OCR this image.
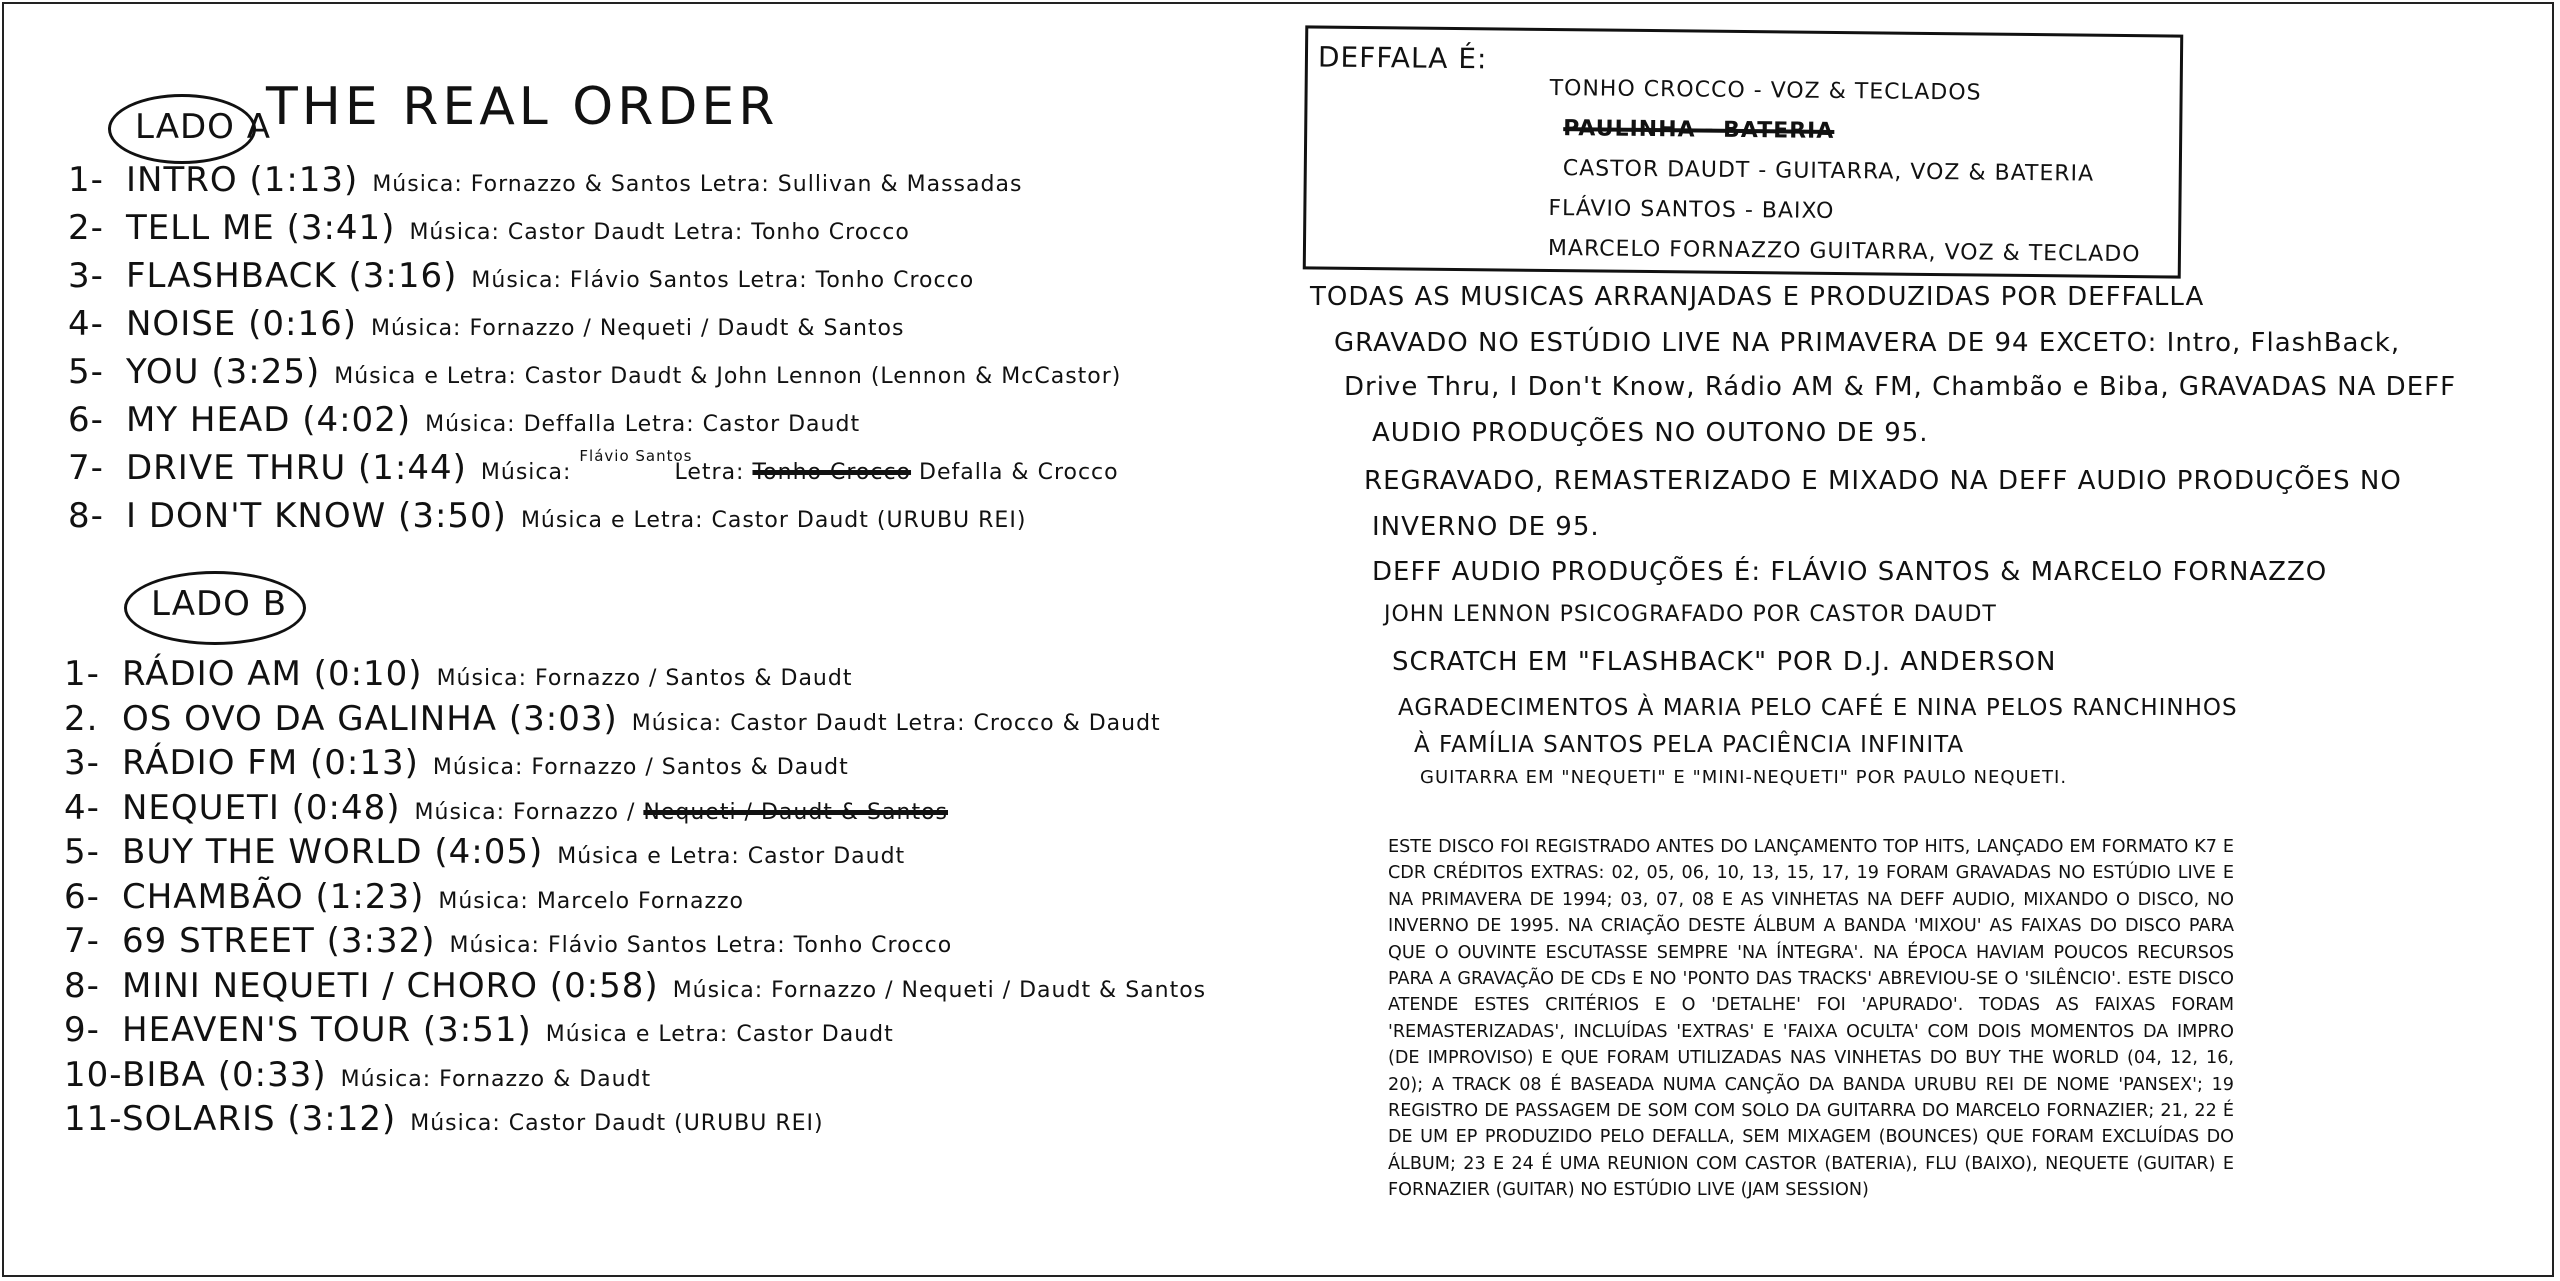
THE REAL ORDER
LADO A
1- INTRO (1:13) Música: Fornazzo & Santos Letra: Sullivan & Massadas
2- TELL ME (3:41) Música: Castor Daudt Letra: Tonho Crocco
3- FLASHBACK (3:16) Música: Flávio Santos Letra: Tonho Crocco
4- NOISE (0:16) Música: Fornazzo / Nequeti / Daudt & Santos
5- YOU (3:25) Música e Letra: Castor Daudt & John Lennon (Lennon & McCastor)
6- MY HEAD (4:02) Música: Deffalla Letra: Castor Daudt
7- DRIVE THRU (1:44) Música: $^{Flávio Santos}$ Letra: Tonho Crocco Defalla & Crocco
8- I DON'T KNOW (3:50) Música e Letra: Castor Daudt (URUBU REI)
LADO B
1- RÁDIO AM (0:10) Música: Fornazzo / Santos & Daudt
2. OS OVO DA GALINHA (3:03) Música: Castor Daudt Letra: Crocco & Daudt
3- RÁDIO FM (0:13) Música: Fornazzo / Santos & Daudt
4- NEQUETI (0:48) Música: Fornazzo / Nequeti / Daudt & Santos
5- BUY THE WORLD (4:05) Música e Letra: Castor Daudt
6- CHAMBÃO (1:23) Música: Marcelo Fornazzo
7- 69 STREET (3:32) Música: Flávio Santos Letra: Tonho Crocco
8- MINI NEQUETI / CHORO (0:58) Música: Fornazzo / Nequeti / Daudt & Santos
9- HEAVEN'S TOUR (3:51) Música e Letra: Castor Daudt
10- BIBA (0:33) Música: Fornazzo & Daudt
11- SOLARIS (3:12) Música: Castor Daudt (URUBU REI)
DEFFALA É:
TONHO CROCCO - VOZ & TECLADOS
PAULINHA - BATERIA
CASTOR DAUDT - GUITARRA, VOZ & BATERIA
FLÁVIO SANTOS - BAIXO
MARCELO FORNAZZO GUITARRA, VOZ & TECLADO
TODAS AS MUSICAS ARRANJADAS E PRODUZIDAS POR DEFFALLA
GRAVADO NO ESTÚDIO LIVE NA PRIMAVERA DE 94 EXCETO: Intro, FlashBack,
Drive Thru, I Don't Know, Rádio AM & FM, Chambão e Biba, GRAVADAS NA DEFF
AUDIO PRODUÇÕES NO OUTONO DE 95.
REGRAVADO, REMASTERIZADO E MIXADO NA DEFF AUDIO PRODUÇÕES NO
INVERNO DE 95.
DEFF AUDIO PRODUÇÕES É: FLÁVIO SANTOS & MARCELO FORNAZZO
JOHN LENNON PSICOGRAFADO POR CASTOR DAUDT
SCRATCH EM "FLASHBACK" POR D.J. ANDERSON
AGRADECIMENTOS À MARIA PELO CAFÉ E NINA PELOS RANCHINHOS
À FAMÍLIA SANTOS PELA PACIÊNCIA INFINITA
GUITARRA EM "NEQUETI" E "MINI-NEQUETI" POR PAULO NEQUETI.

ESTE DISCO FOI REGISTRADO ANTES DO LANÇAMENTO TOP HITS, LANÇADO EM FORMATO K7 E CDR CRÉDITOS EXTRAS: 02, 05, 06, 10, 13, 15, 17, 19 FORAM GRAVADAS NO ESTÚDIO LIVE E NA PRIMAVERA DE 1994; 03, 07, 08 E AS VINHETAS NA DEFF AUDIO, MIXANDO O DISCO, NO INVERNO DE 1995. NA CRIAÇÃO DESTE ÁLBUM A BANDA 'MIXOU' AS FAIXAS DO DISCO PARA QUE O OUVINTE ESCUTASSE SEMPRE 'NA ÍNTEGRA'. NA ÉPOCA HAVIAM POUCOS RECURSOS PARA A GRAVAÇÃO DE CDs E NO 'PONTO DAS TRACKS' ABREVIOU-SE O 'SILÊNCIO'. ESTE DISCO ATENDE ESTES CRITÉRIOS E O 'DETALHE' FOI 'APURADO'. TODAS AS FAIXAS FORAM 'REMASTERIZADAS', INCLUÍDAS 'EXTRAS' E 'FAIXA OCULTA' COM DOIS MOMENTOS DA IMPRO (DE IMPROVISO) E QUE FORAM UTILIZADAS NAS VINHETAS DO BUY THE WORLD (04, 12, 16, 20); A TRACK 08 É BASEADA NUMA CANÇÃO DA BANDA URUBU REI DE NOME 'PANSEX'; 19 REGISTRO DE PASSAGEM DE SOM COM SOLO DA GUITARRA DO MARCELO FORNAZIER; 21, 22 É DE UM EP PRODUZIDO PELO DEFALLA, SEM MIXAGEM (BOUNCES) QUE FORAM EXCLUÍDAS DO ÁLBUM; 23 E 24 É UMA REUNION COM CASTOR (BATERIA), FLU (BAIXO), NEQUETE (GUITAR) E FORNAZIER (GUITAR) NO ESTÚDIO LIVE (JAM SESSION)
